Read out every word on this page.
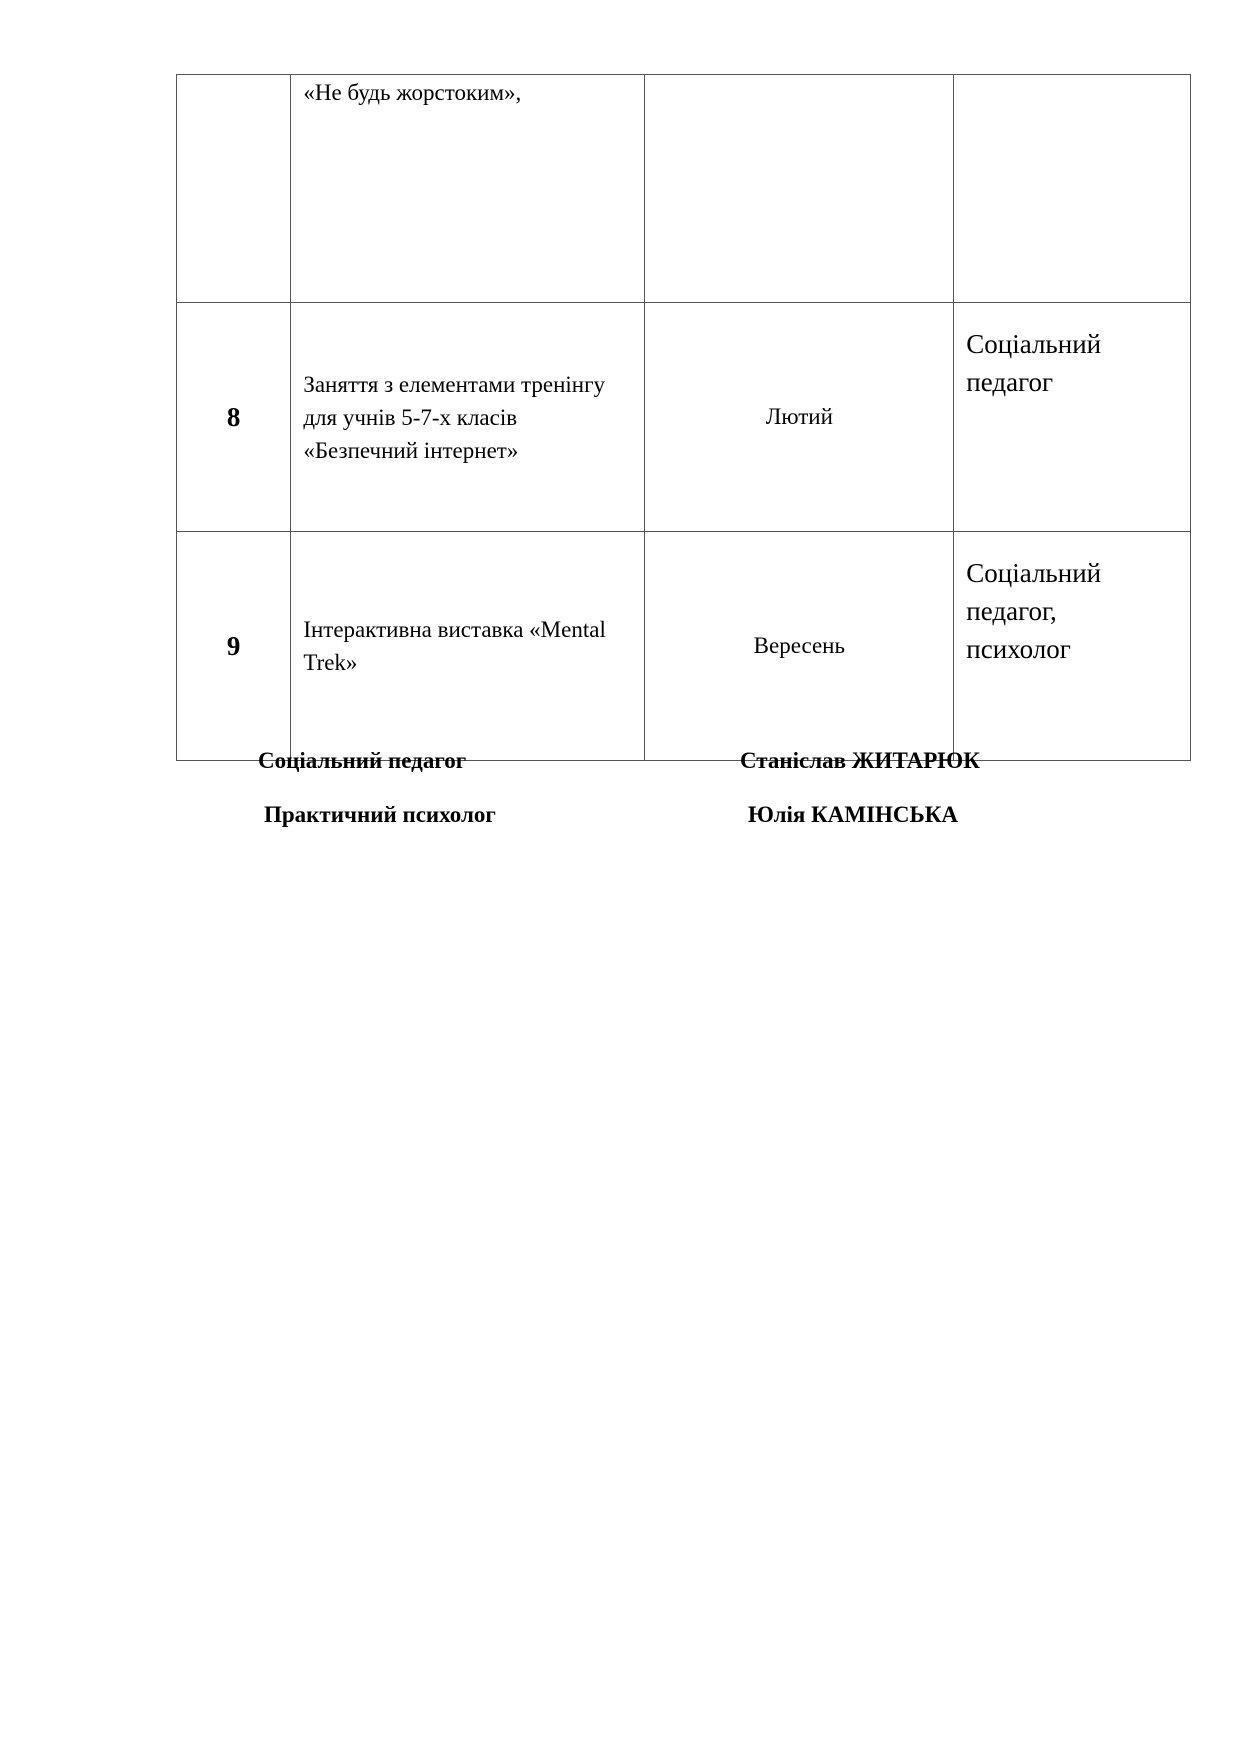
	«Не будь жорстоким»,		
8	Заняття з елементами тренінгу
для учнів 5-7-х класів
«Безпечний інтернет»	Лютий	Соціальний
педагог

9	Інтерактивна виставка «Mental
Trek»	Вересень	Соціальний
педагог,
психолог
Соціальний педагог	Станіслав ЖИТАРЮК
Практичний психолог	Юлія КАМІНСЬКА
